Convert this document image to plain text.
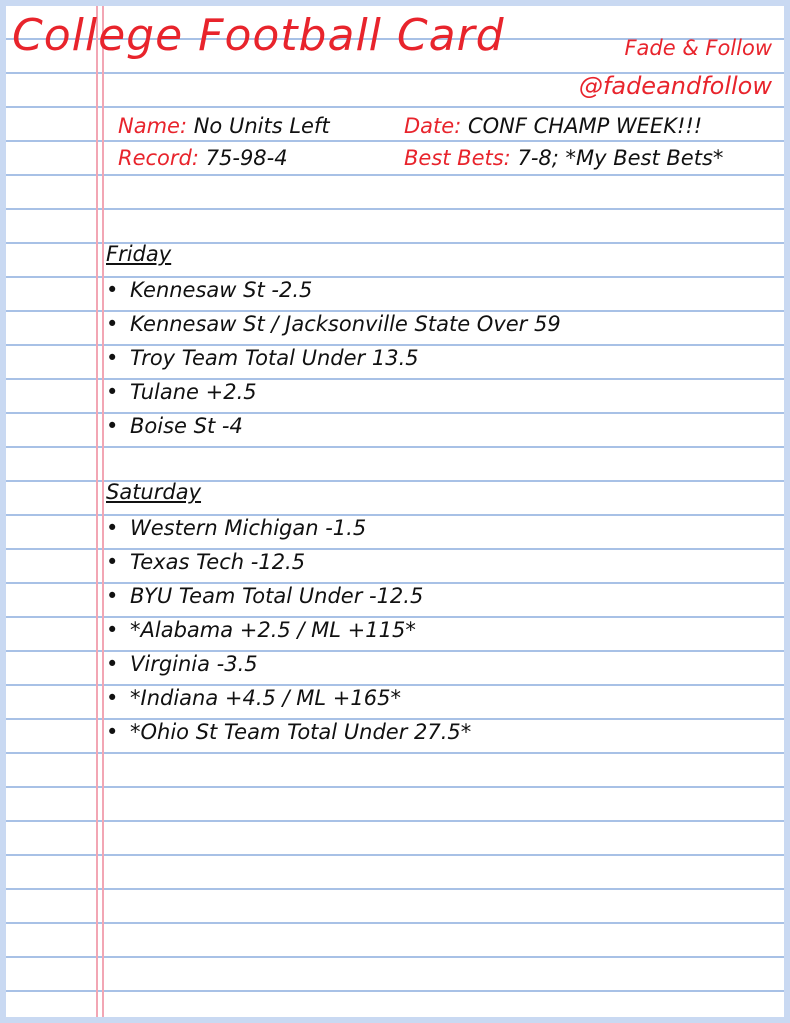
College Football Card	Fade & Follow
@fadeandfollow
Name: No Units Left	Date: CONF CHAMP WEEK!!!
Record: 75-98-4	Best Bets: 7-8; *My Best Bets*
Friday
• Kennesaw St -2.5
• Kennesaw St / Jacksonville State Over 59
• Troy Team Total Under 13.5
• Tulane +2.5
• Boise St -4
Saturday
• Western Michigan -1.5
• Texas Tech -12.5
• BYU Team Total Under -12.5
• *Alabama +2.5 / ML +115*
• Virginia -3.5
• *Indiana +4.5 / ML +165*
• *Ohio St Team Total Under 27.5*
